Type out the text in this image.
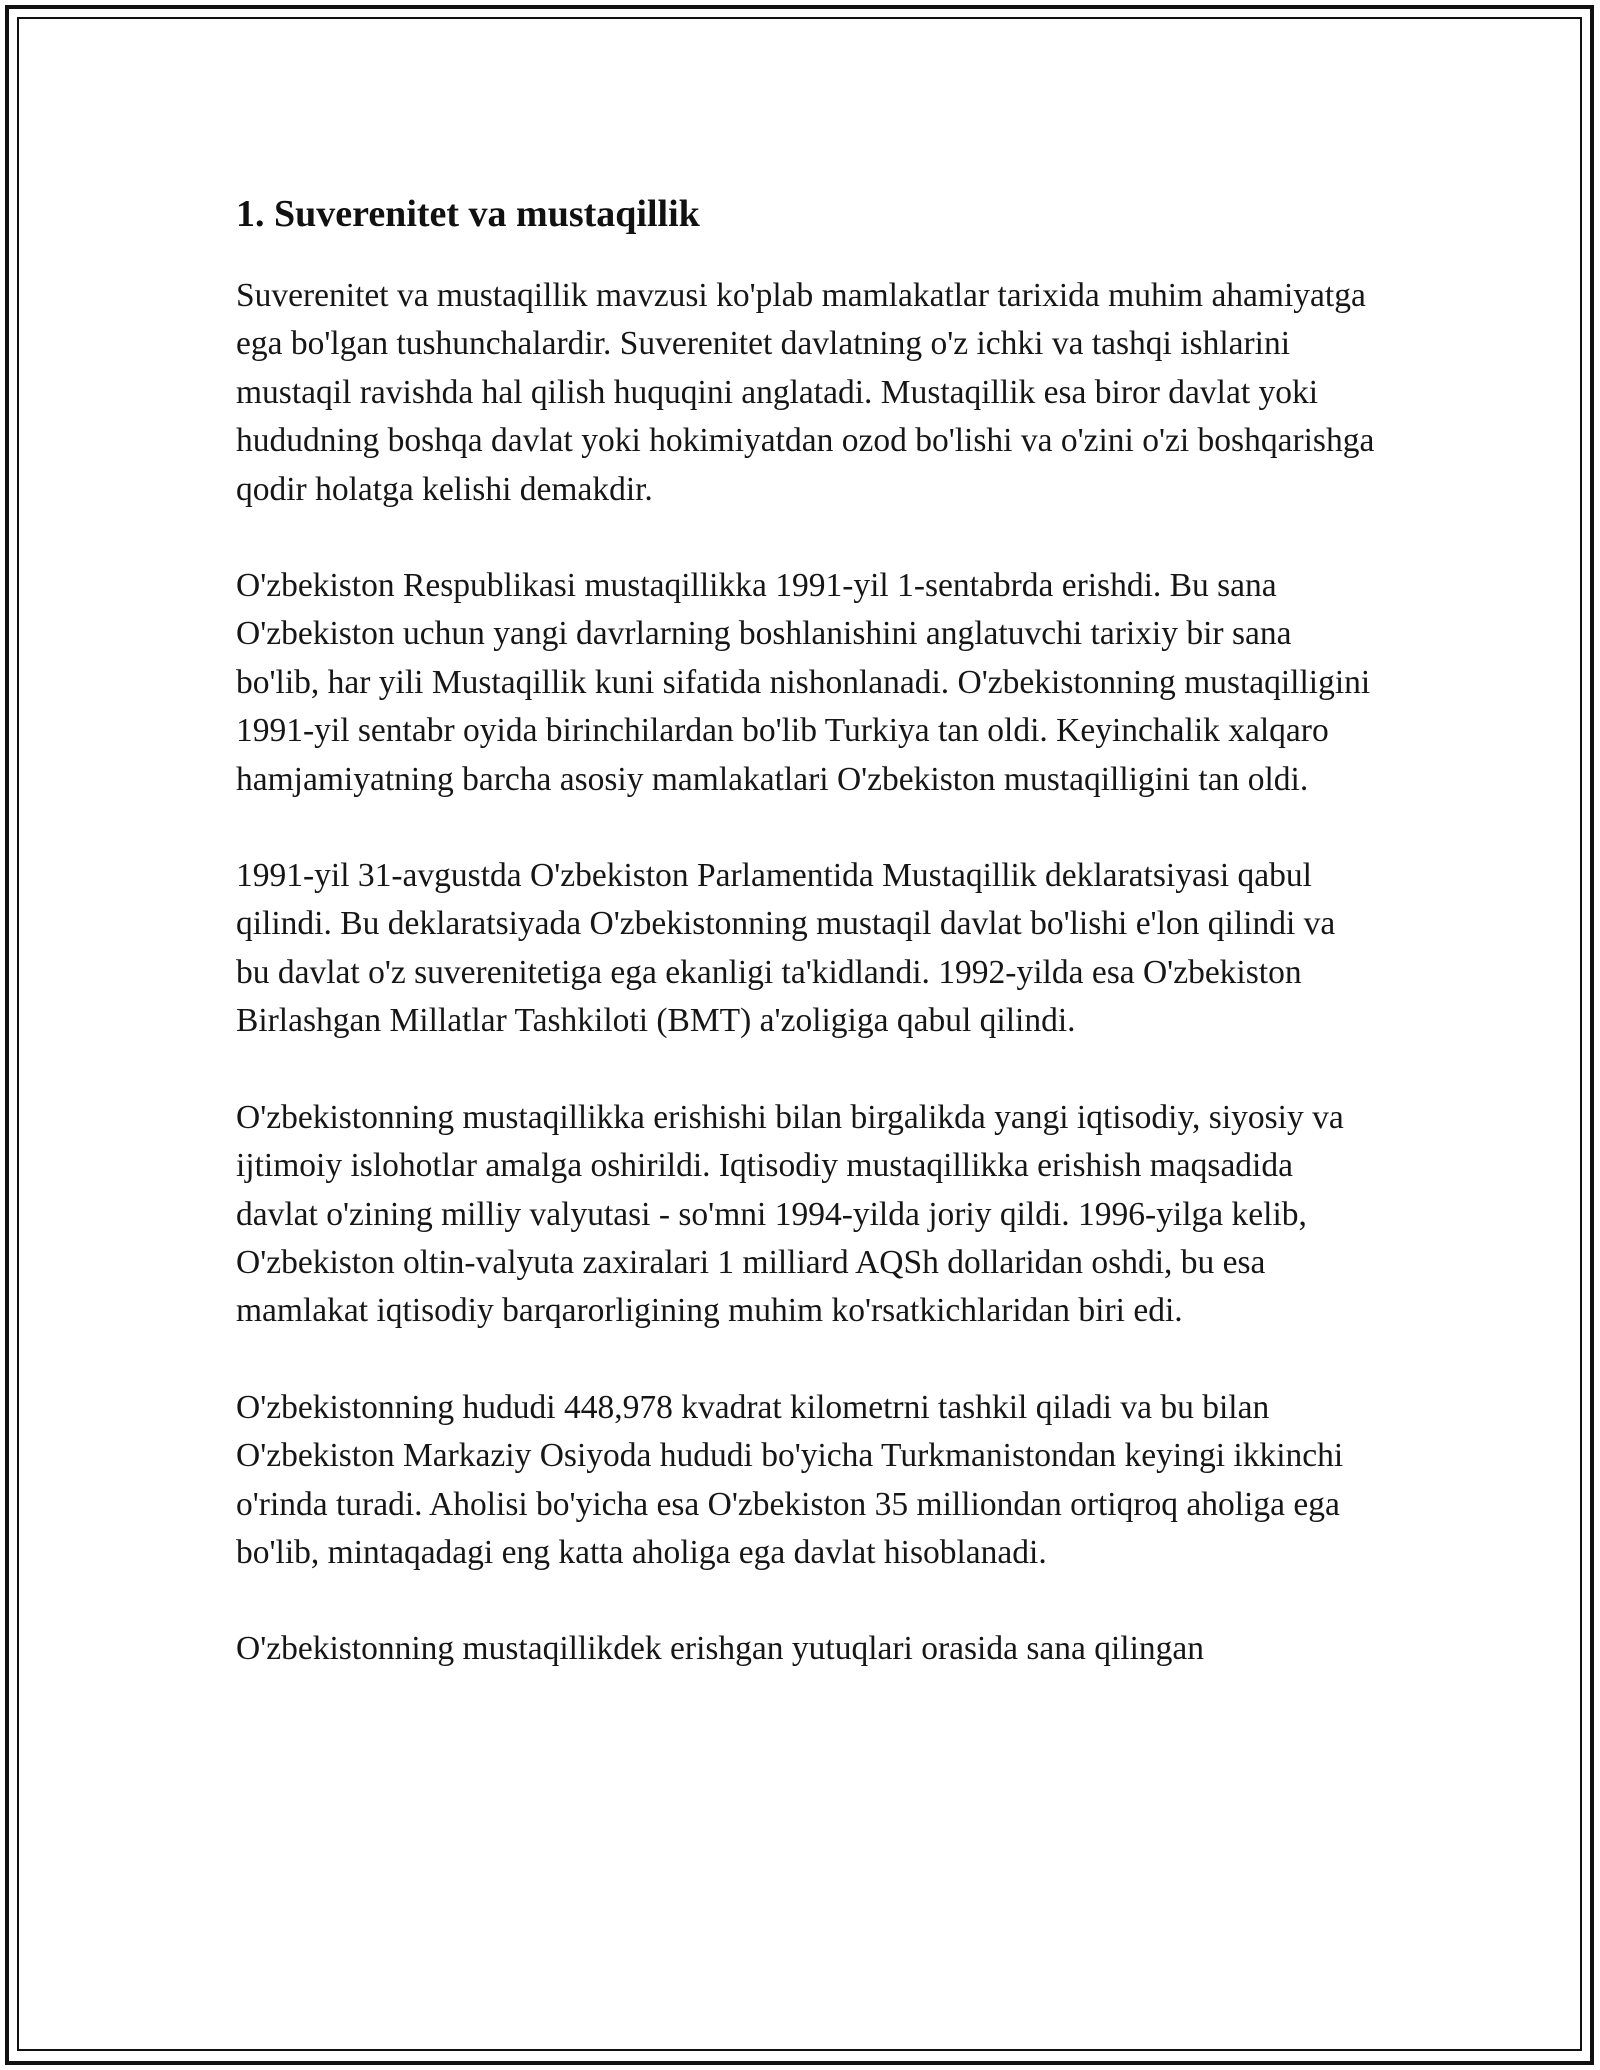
1. Suverenitet va mustaqillik

Suverenitet va mustaqillik mavzusi ko'plab mamlakatlar tarixida muhim ahamiyatga ega bo'lgan tushunchalardir. Suverenitet davlatning o'z ichki va tashqi ishlarini mustaqil ravishda hal qilish huquqini anglatadi. Mustaqillik esa biror davlat yoki hududning boshqa davlat yoki hokimiyatdan ozod bo'lishi va o'zini o'zi boshqarishga qodir holatga kelishi demakdir.

O'zbekiston Respublikasi mustaqillikka 1991-yil 1-sentabrda erishdi. Bu sana O'zbekiston uchun yangi davrlarning boshlanishini anglatuvchi tarixiy bir sana bo'lib, har yili Mustaqillik kuni sifatida nishonlanadi. O'zbekistonning mustaqilligini 1991-yil sentabr oyida birinchilardan bo'lib Turkiya tan oldi. Keyinchalik xalqaro hamjamiyatning barcha asosiy mamlakatlari O'zbekiston mustaqilligini tan oldi.

1991-yil 31-avgustda O'zbekiston Parlamentida Mustaqillik deklaratsiyasi qabul qilindi. Bu deklaratsiyada O'zbekistonning mustaqil davlat bo'lishi e'lon qilindi va bu davlat o'z suverenitetiga ega ekanligi ta'kidlandi. 1992-yilda esa O'zbekiston Birlashgan Millatlar Tashkiloti (BMT) a'zoligiga qabul qilindi.

O'zbekistonning mustaqillikka erishishi bilan birgalikda yangi iqtisodiy, siyosiy va ijtimoiy islohotlar amalga oshirildi. Iqtisodiy mustaqillikka erishish maqsadida davlat o'zining milliy valyutasi - so'mni 1994-yilda joriy qildi. 1996-yilga kelib, O'zbekiston oltin-valyuta zaxiralari 1 milliard AQSh dollaridan oshdi, bu esa mamlakat iqtisodiy barqarorligining muhim ko'rsatkichlaridan biri edi.

O'zbekistonning hududi 448,978 kvadrat kilometrni tashkil qiladi va bu bilan O'zbekiston Markaziy Osiyoda hududi bo'yicha Turkmanistondan keyingi ikkinchi o'rinda turadi. Aholisi bo'yicha esa O'zbekiston 35 milliondan ortiqroq aholiga ega bo'lib, mintaqadagi eng katta aholiga ega davlat hisoblanadi.

O'zbekistonning mustaqillikdek erishgan yutuqlari orasida sana qilingan
